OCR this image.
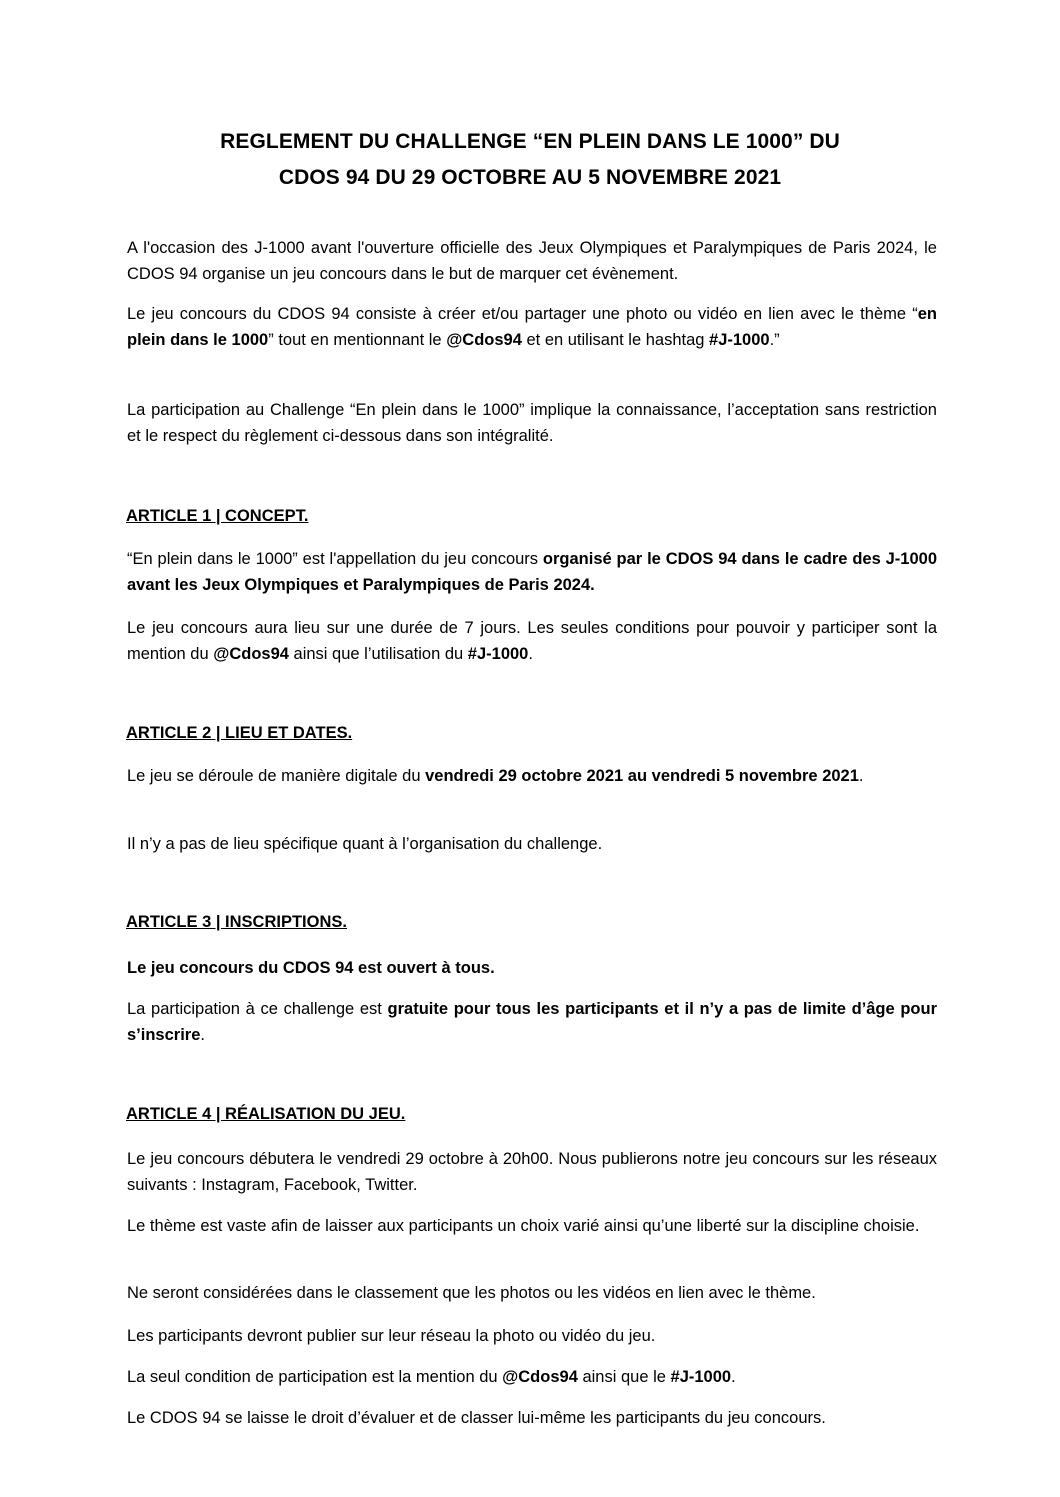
REGLEMENT DU CHALLENGE “EN PLEIN DANS LE 1000” DU
CDOS 94 DU 29 OCTOBRE AU 5 NOVEMBRE 2021
A l'occasion des J-1000 avant l'ouverture officielle des Jeux Olympiques et Paralympiques de Paris 2024, le CDOS 94 organise un jeu concours dans le but de marquer cet évènement.
Le jeu concours du CDOS 94 consiste à créer et/ou partager une photo ou vidéo en lien avec le thème “en plein dans le 1000” tout en mentionnant le @Cdos94 et en utilisant le hashtag #J-1000.”
La participation au Challenge “En plein dans le 1000” implique la connaissance, l’acceptation sans restriction et le respect du règlement ci-dessous dans son intégralité.
ARTICLE 1 | CONCEPT.
“En plein dans le 1000” est l'appellation du jeu concours organisé par le CDOS 94 dans le cadre des J-1000 avant les Jeux Olympiques et Paralympiques de Paris 2024.
Le jeu concours aura lieu sur une durée de 7 jours. Les seules conditions pour pouvoir y participer sont la mention du @Cdos94 ainsi que l’utilisation du #J-1000.
ARTICLE 2 | LIEU ET DATES.
Le jeu se déroule de manière digitale du vendredi 29 octobre 2021 au vendredi 5 novembre 2021.
Il n’y a pas de lieu spécifique quant à l’organisation du challenge.
ARTICLE 3 | INSCRIPTIONS.
Le jeu concours du CDOS 94 est ouvert à tous.
La participation à ce challenge est gratuite pour tous les participants et il n’y a pas de limite d’âge pour s’inscrire.
ARTICLE 4 | RÉALISATION DU JEU.
Le jeu concours débutera le vendredi 29 octobre à 20h00. Nous publierons notre jeu concours sur les réseaux suivants : Instagram, Facebook, Twitter.
Le thème est vaste afin de laisser aux participants un choix varié ainsi qu’une liberté sur la discipline choisie.
Ne seront considérées dans le classement que les photos ou les vidéos en lien avec le thème.
Les participants devront publier sur leur réseau la photo ou vidéo du jeu.
La seul condition de participation est la mention du @Cdos94 ainsi que le #J-1000.
Le CDOS 94 se laisse le droit d’évaluer et de classer lui-même les participants du jeu concours.
